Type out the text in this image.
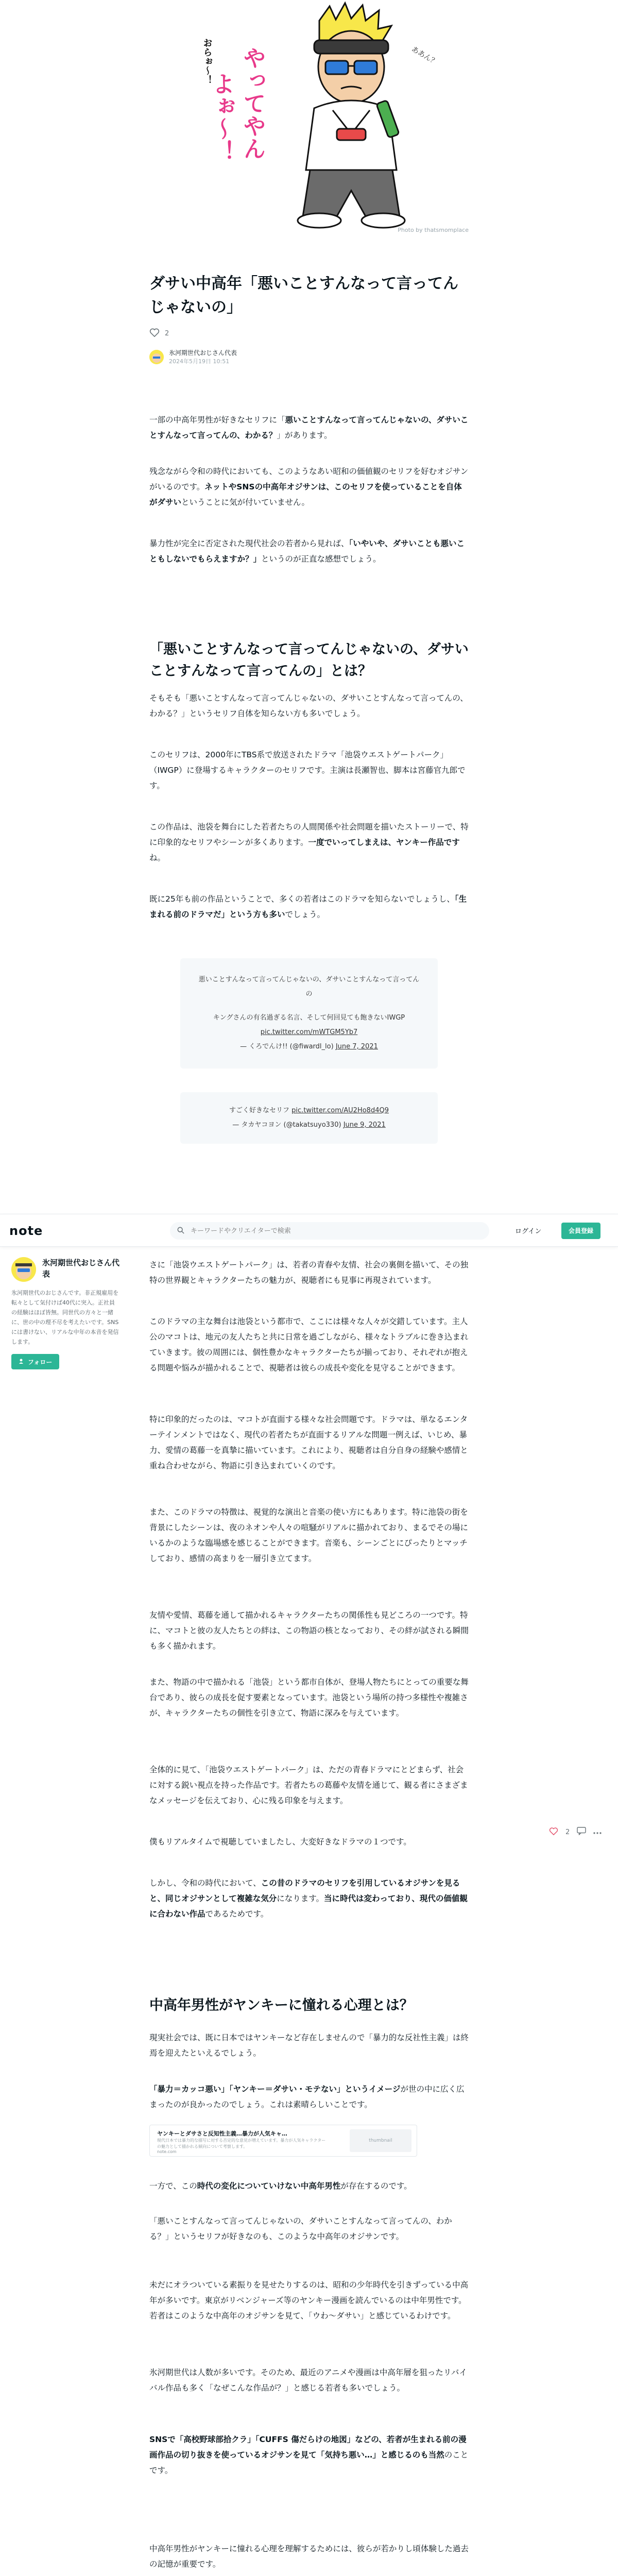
やってやん
よぉ～！
おらぉ～！	ああん？
Photo by thatsmomplace
ダサい中高年「悪いことすんなって言ってんじゃないの」
2
氷河期世代おじさん代表
2024年5月19日 10:51

一部の中高年男性が好きなセリフに「悪いことすんなって言ってんじゃないの、ダサいことすんなって言ってんの、わかる？」があります。

残念ながら令和の時代においても、このようなあい昭和の価値観のセリフを好むオジサンがいるのです。ネットやSNSの中高年オジサンは、このセリフを使っていることを自体がダサいということに気が付いていません。

暴力性が完全に否定された現代社会の若者から見れば、「いやいや、ダサいことも悪いこともしないでもらえますか？」というのが正直な感想でしょう。

「悪いことすんなって言ってんじゃないの、ダサいことすんなって言ってんの」とは？

そもそも「悪いことすんなって言ってんじゃないの、ダサいことすんなって言ってんの、わかる？」というセリフ自体を知らない方も多いでしょう。

このセリフは、2000年にTBS系で放送されたドラマ「池袋ウエストゲートパーク」（IWGP）に登場するキャラクターのセリフです。主演は長瀬智也、脚本は宮藤官九郎です。

この作品は、池袋を舞台にした若者たちの人間関係や社会問題を描いたストーリーで、特に印象的なセリフやシーンが多くあります。一度でいってしまえは、ヤンキー作品ですね。

既に25年も前の作品ということで、多くの若者はこのドラマを知らないでしょうし、「生まれる前のドラマだ」という方も多いでしょう。

悪いことすんなって言ってんじゃないの、ダサいことすんなって言ってんの
キングさんの有名過ぎる名言、そして何回見ても飽きないIWGP
pic.twitter.com/mWTGM5Yb7
— くろでんけ!! (@fiwardl_lo) June 7, 2021
すごく好きなセリフ pic.twitter.com/AU2Ho8d4Q9
— タカヤコヨン (@takatsuyo330) June 9, 2021
note
キーワードやクリエイターで検索	ログイン	会員登録
氷河期世代おじさん代表
氷河期世代のおじさんです。非正規雇用を転々として気付けば40代に突入。正社員の経験はほぼ皆無。同世代の方々と一緒に、世の中の理不尽を考えたいです。SNSには書けない、リアルな中年の本音を発信します。
フォロー

さに「池袋ウエストゲートパーク」は、若者の青春や友情、社会の裏側を描いて、その独特の世界観とキャラクターたちの魅力が、視聴者にも見事に再現されています。

このドラマの主な舞台は池袋という都市で、ここには様々な人々が交錯しています。主人公のマコトは、地元の友人たちと共に日常を過ごしながら、様々なトラブルに巻き込まれていきます。彼の周囲には、個性豊かなキャラクターたちが揃っており、それぞれが抱える問題や悩みが描かれることで、視聴者は彼らの成長や変化を見守ることができます。

特に印象的だったのは、マコトが直面する様々な社会問題です。ドラマは、単なるエンターテインメントではなく、現代の若者たちが直面するリアルな問題一例えば、いじめ、暴力、愛情の葛藤一を真摯に描いています。これにより、視聴者は自分自身の経験や感情と重ね合わせながら、物語に引き込まれていくのです。

また、このドラマの特徴は、視覚的な演出と音楽の使い方にもあります。特に池袋の街を背景にしたシーンは、夜のネオンや人々の喧騒がリアルに描かれており、まるでその場にいるかのような臨場感を感じることができます。音楽も、シーンごとにぴったりとマッチしており、感情の高まりを一層引き立てます。

友情や愛情、葛藤を通して描かれるキャラクターたちの関係性も見どころの一つです。特に、マコトと彼の友人たちとの絆は、この物語の核となっており、その絆が試される瞬間も多く描かれます。

また、物語の中で描かれる「池袋」という都市自体が、登場人物たちにとっての重要な舞台であり、彼らの成長を促す要素となっています。池袋という場所の持つ多様性や複雑さが、キャラクターたちの個性を引き立て、物語に深みを与えています。

全体的に見て、「池袋ウエストゲートパーク」は、ただの青春ドラマにとどまらず、社会に対する鋭い視点を持った作品です。若者たちの葛藤や友情を通じて、観る者にさまざまなメッセージを伝えており、心に残る印象を与えます。

僕もリアルタイムで視聴していましたし、大変好きなドラマの１つです。

しかし、令和の時代において、この昔のドラマのセリフを引用しているオジサンを見ると、同じオジサンとして複雑な気分になります。当に時代は変わっており、現代の価値観に合わない作品であるためです。

2
中高年男性がヤンキーに憧れる心理とは？

現実社会では、既に日本ではヤンキーなど存在しませんので「暴力的な反社性主義」は終焉を迎えたといえるでしょう。

「暴力＝カッコ悪い」「ヤンキー＝ダサい・モテない」というイメージが世の中に広く広まったのが良かったのでしょう。これは素晴らしいことです。

ヤンキーとダサさと反知性主義…暴力が人気キャ…
現代日本では暴力的な描写に対する否定的な意見が増えています。暴力が人気キャラクターの魅力として描かれる傾向について考察します。
note.com
thumbnail

一方で、この時代の変化についていけない中高年男性が存在するのです。

「悪いことすんなって言ってんじゃないの、ダサいことすんなって言ってんの、わかる？」というセリフが好きなのも、このような中高年のオジサンです。

未だにオラついている素振りを見せたりするのは、昭和の少年時代を引きずっている中高年が多いです。東京がリベンジャーズ等のヤンキー漫画を読んでいるのは中年男性です。若者はこのような中高年のオジサンを見て、「ウわ～ダサい」と感じているわけです。

氷河期世代は人数が多いです。そのため、最近のアニメや漫画は中高年層を狙ったリバイバル作品も多く「なぜこんな作品が？」と感じる若者も多いでしょう。

SNSで「高校野球部拾クラ」「CUFFS 傷だらけの地図」などの、若者が生まれる前の漫画作品の切り抜きを使っているオジサンを見て「気持ち悪い…」と感じるのも当然のことです。

中高年男性がヤンキーに憧れる心理を理解するためには、彼らが若かりし頃体験した過去の記憶が重要です。
